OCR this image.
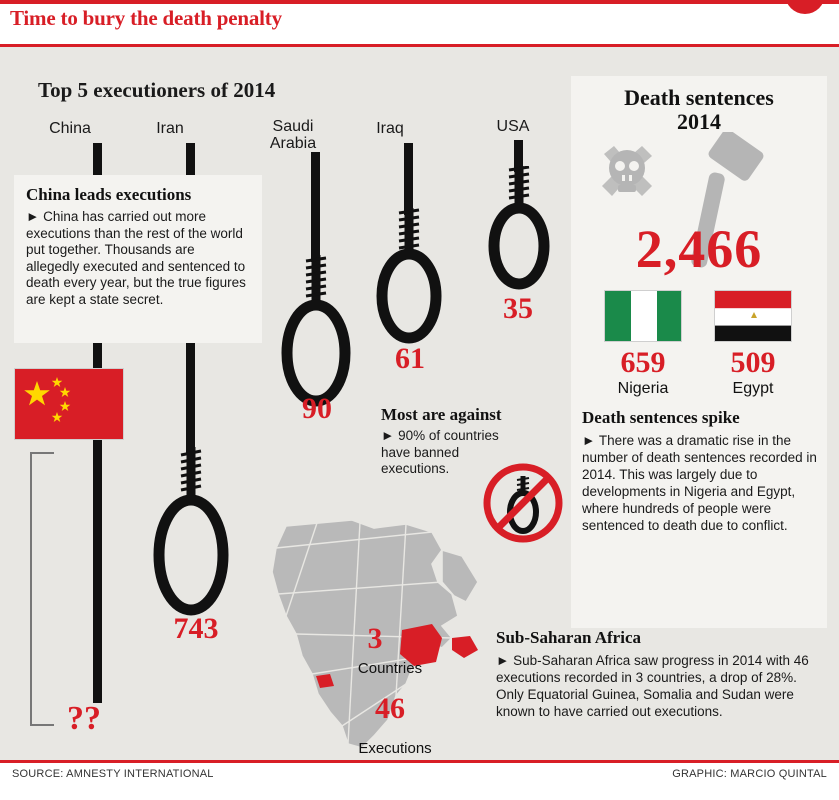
Time to bury the death penalty
Top 5 executioners of 2014
China
??
Iran
743
Saudi Arabia
90
Iraq
61
USA
35
China leads executions

► China has carried out more executions than the rest of the world put together. Thousands are allegedly executed and sentenced to death every year, but the true figures are kept a state secret.

Most are against
► 90% of countries have banned executions.
3
Countries
46
Executions
Sub-Saharan Africa
► Sub-Saharan Africa saw progress in 2014 with 46 executions recorded in 3 countries, a drop of 28%. Only Equatorial Guinea, Somalia and Sudan were known to have carried out executions.
Death sentences
2014
2,466
659
Nigeria
509
Egypt
Death sentences spike
► There was a dramatic rise in the number of death sentences recorded in 2014. This was largely due to developments in Nigeria and Egypt, where hundreds of people were sentenced to death due to conflict.
SOURCE: AMNESTY INTERNATIONAL	GRAPHIC: MARCIO QUINTAL
